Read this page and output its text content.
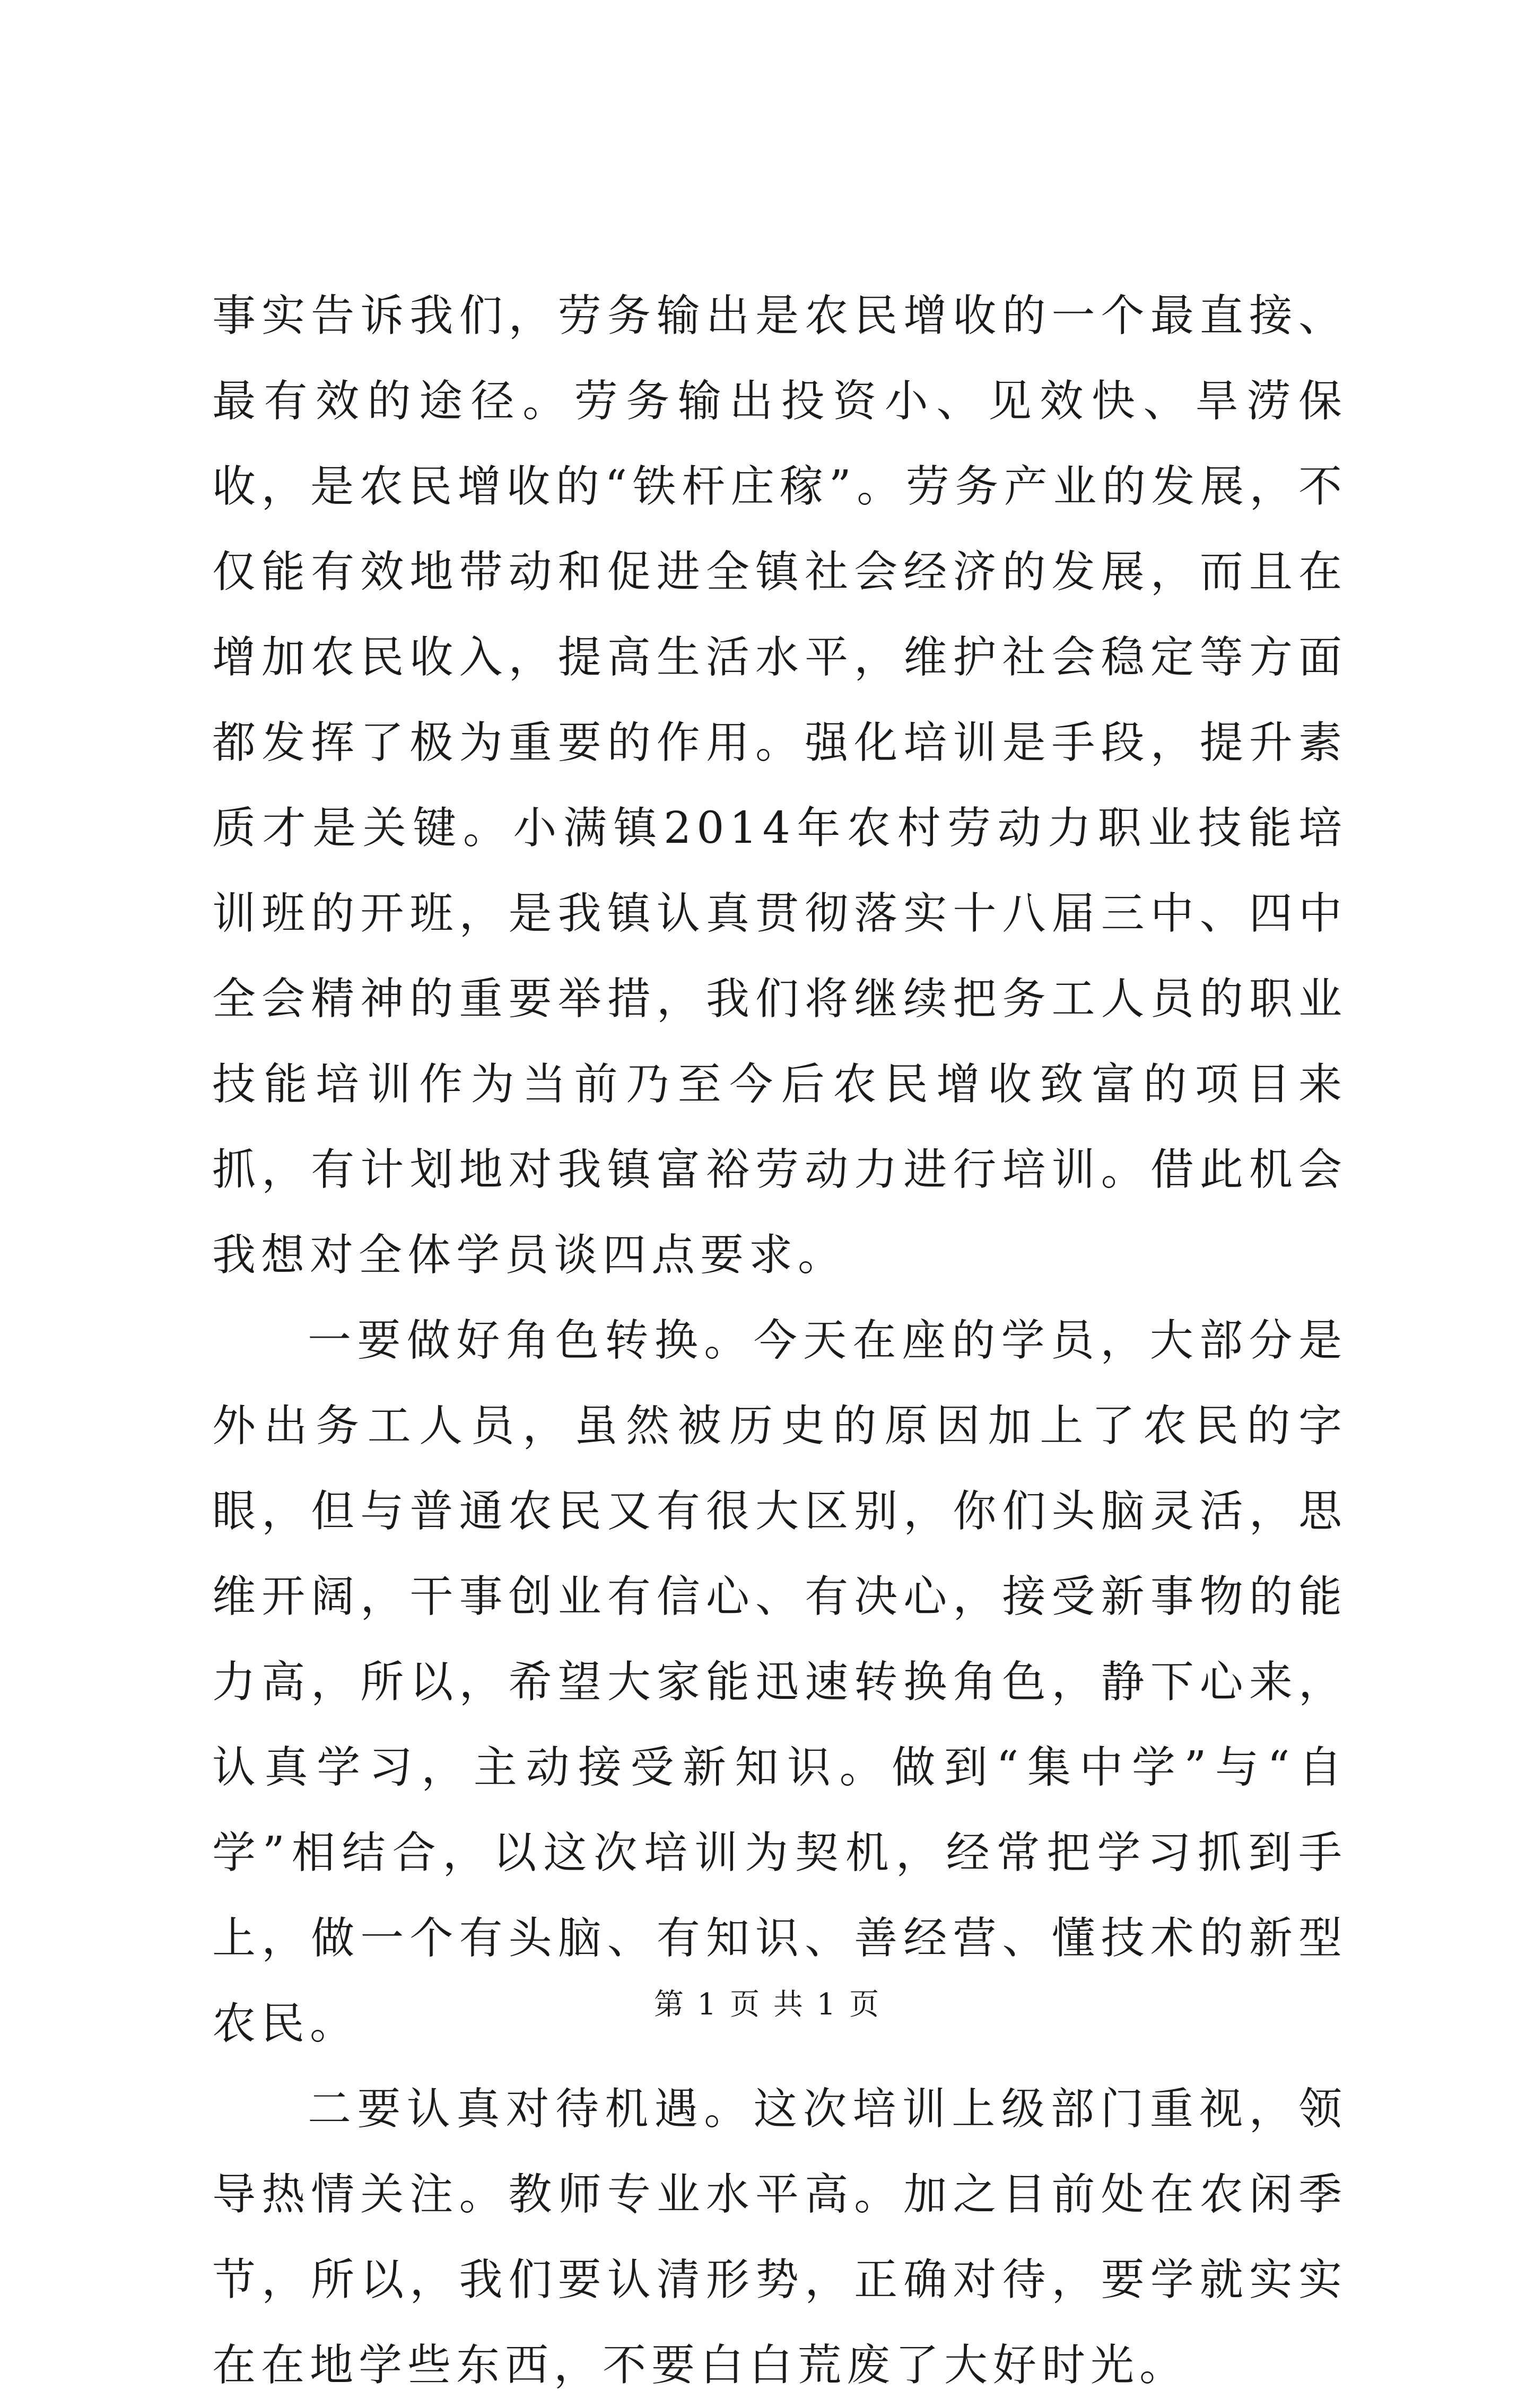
事实告诉我们，劳务输出是农民增收的一个最直接、最有效的途径。劳务输出投资小、见效快、旱涝保收，是农民增收的“铁杆庄稼”。劳务产业的发展，不仅能有效地带动和促进全镇社会经济的发展，而且在增加农民收入，提高生活水平，维护社会稳定等方面都发挥了极为重要的作用。强化培训是手段，提升素质才是关键。小满镇2014年农村劳动力职业技能培训班的开班，是我镇认真贯彻落实十八届三中、四中全会精神的重要举措，我们将继续把务工人员的职业技能培训作为当前乃至今后农民增收致富的项目来抓，有计划地对我镇富裕劳动力进行培训。借此机会我想对全体学员谈四点要求。

一要做好角色转换。今天在座的学员，大部分是外出务工人员，虽然被历史的原因加上了农民的字眼，但与普通农民又有很大区别，你们头脑灵活，思维开阔，干事创业有信心、有决心，接受新事物的能力高，所以，希望大家能迅速转换角色，静下心来，认真学习，主动接受新知识。做到“集中学”与“自学”相结合，以这次培训为契机，经常把学习抓到手上，做一个有头脑、有知识、善经营、懂技术的新型农民。

二要认真对待机遇。这次培训上级部门重视，领导热情关注。教师专业水平高。加之目前处在农闲季节，所以，我们要认清形势，正确对待，要学就实实在在地学些东西，不要白白荒废了大好时光。

第 1 页 共 1 页
